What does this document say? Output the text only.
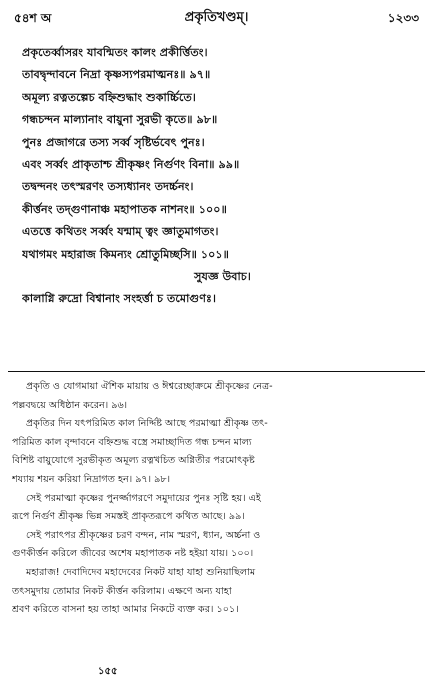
৫৪শ অ	প্রকৃতিখণ্ডম্।	১২৩৩
প্রকৃতের্ব্বাসরং যাবন্মিতং কালং প্রকীর্ত্তিতং।
তাবদ্বৃন্দাবনে নিদ্রা কৃষ্ণস্যপরমাত্মনঃ॥ ৯৭॥
অমূল্য রত্নতল্পেচ বহ্নিশুদ্ধাং শুকার্চ্চিতে।
গন্ধচন্দন মাল্যানাং বায়ুনা সুরভী কৃতে॥ ৯৮॥
পুনঃ প্রজাগরে তস্য সর্ব্ব সৃষ্টির্ভবেৎ পুনঃ।
এবং সর্ব্বং প্রাকৃতাশ্চ শ্রীকৃষ্ণং নির্গুণং বিনা॥ ৯৯॥
তদ্বন্দনং তৎস্মরণং তস্যধ্যানং তদর্চ্চনং।
কীর্ত্তনং তদ্গুণানাঞ্চ মহাপাতক নাশনং॥ ১০০॥
এতত্তে কথিতং সর্ব্বং যন্মাম্ ত্বং জ্ঞাতুমাগতং।
যথাগমং মহারাজ কিমন্যং শ্রোতুমিচ্ছসি॥ ১০১॥
সুযজ্ঞ উবাচ।
কালাগ্নি রুদ্রো বিশ্বানাং সংহর্ত্তা চ তমোগুণঃ।

প্রকৃতি ও যোগমায়া ঐশিক মায়ায় ও ঈশ্বরেচ্ছাক্রমে শ্রীকৃষ্ণের নেত্র-
পল্লবদ্বয়ে অধিষ্ঠান করেন। ৯৬।

প্রকৃতির দিন যৎপরিমিত কাল নির্দ্দিষ্ট আছে পরমাত্মা শ্রীকৃষ্ণ তৎ-
পরিমিত কাল বৃন্দাবনে বহ্নিশুদ্ধ বস্ত্রে সমাচ্ছাদিত গন্ধ চন্দন মাল্য
বিশিষ্ট বায়ুযোগে সুরভীকৃত অমূল্য রত্নখচিত অগ্নিতীর পরমোৎকৃষ্ট
শয্যায় শয়ন করিয়া নিদ্রাগত হন। ৯৭। ৯৮।

সেই পরমাত্মা কৃষ্ণের পুনর্জ্জাগরণে সমুদায়ের পুনঃ সৃষ্টি হয়। এই
রূপে নির্গুণ শ্রীকৃষ্ণ ভিন্ন সমস্তই প্রাকৃতরূপে কথিত আছে। ৯৯।

সেই পরাৎপর শ্রীকৃষ্ণের চরণ বন্দন, নাম স্মরণ, ধ্যান, অর্চ্চনা ও
গুণকীর্ত্তন করিলে জীবের অশেষ মহাপাতক নষ্ট হইয়া যায়। ১০০।

মহারাজ! দেবাদিদেব মহাদেবের নিকট যাহা যাহা শুনিয়াছিলাম
তৎসমুদায় তোমার নিকট কীর্ত্তন করিলাম। এক্ষণে অন্য যাহা
শ্রবণ করিতে বাসনা হয় তাহা আমার নিকটে ব্যক্ত কর। ১০১।

১৫৫
